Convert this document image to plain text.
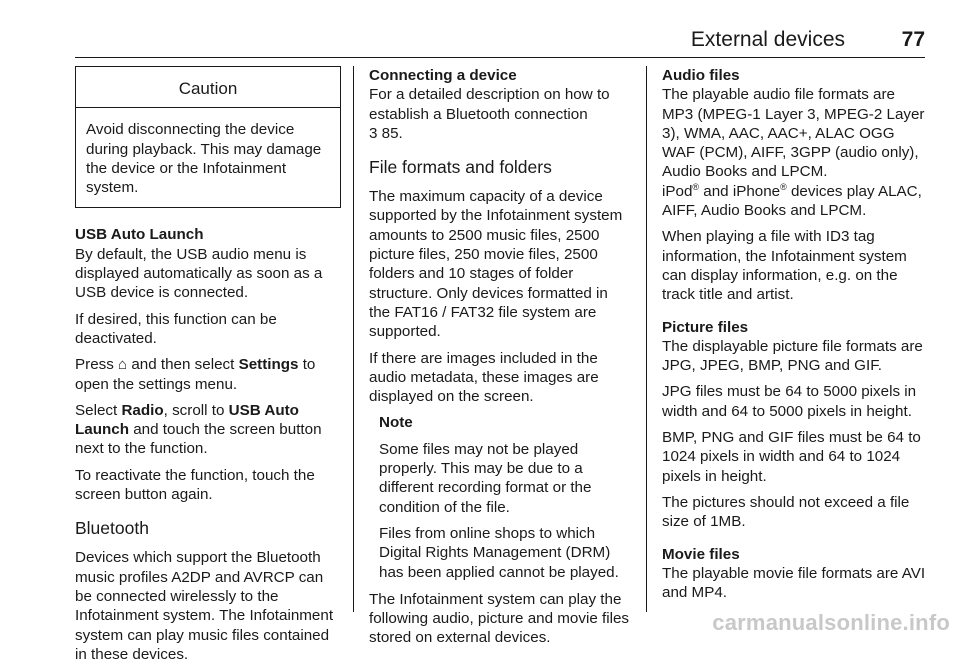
External devices	77
Caution
Avoid disconnecting the device during playback. This may damage the device or the Infotainment system.

USB Auto Launch

By default, the USB audio menu is displayed automatically as soon as a USB device is connected.

If desired, this function can be deactivated.

Press ⌂ and then select Settings to open the settings menu.

Select Radio, scroll to USB Auto Launch and touch the screen button next to the function.

To reactivate the function, touch the screen button again.

Bluetooth

Devices which support the Bluetooth music profiles A2DP and AVRCP can be connected wirelessly to the Infotainment system. The Infotainment system can play music files contained in these devices.

Connecting a device

For a detailed description on how to establish a Bluetooth connection
3 85.

File formats and folders

The maximum capacity of a device supported by the Infotainment system amounts to 2500 music files, 2500 picture files, 250 movie files, 2500 folders and 10 stages of folder structure. Only devices formatted in the FAT16 / FAT32 file system are supported.

If there are images included in the audio metadata, these images are displayed on the screen.

Note

Some files may not be played properly. This may be due to a different recording format or the condition of the file.

Files from online shops to which Digital Rights Management (DRM) has been applied cannot be played.

The Infotainment system can play the following audio, picture and movie files stored on external devices.

Audio files

The playable audio file formats are MP3 (MPEG-1 Layer 3, MPEG-2 Layer 3), WMA, AAC, AAC+, ALAC OGG WAF (PCM), AIFF, 3GPP (audio only), Audio Books and LPCM.

iPod® and iPhone® devices play ALAC, AIFF, Audio Books and LPCM.

When playing a file with ID3 tag information, the Infotainment system can display information, e.g. on the track title and artist.

Picture files

The displayable picture file formats are JPG, JPEG, BMP, PNG and GIF.

JPG files must be 64 to 5000 pixels in width and 64 to 5000 pixels in height.

BMP, PNG and GIF files must be 64 to 1024 pixels in width and 64 to 1024 pixels in height.

The pictures should not exceed a file size of 1MB.

Movie files

The playable movie file formats are AVI and MP4.

carmanualsonline.info
